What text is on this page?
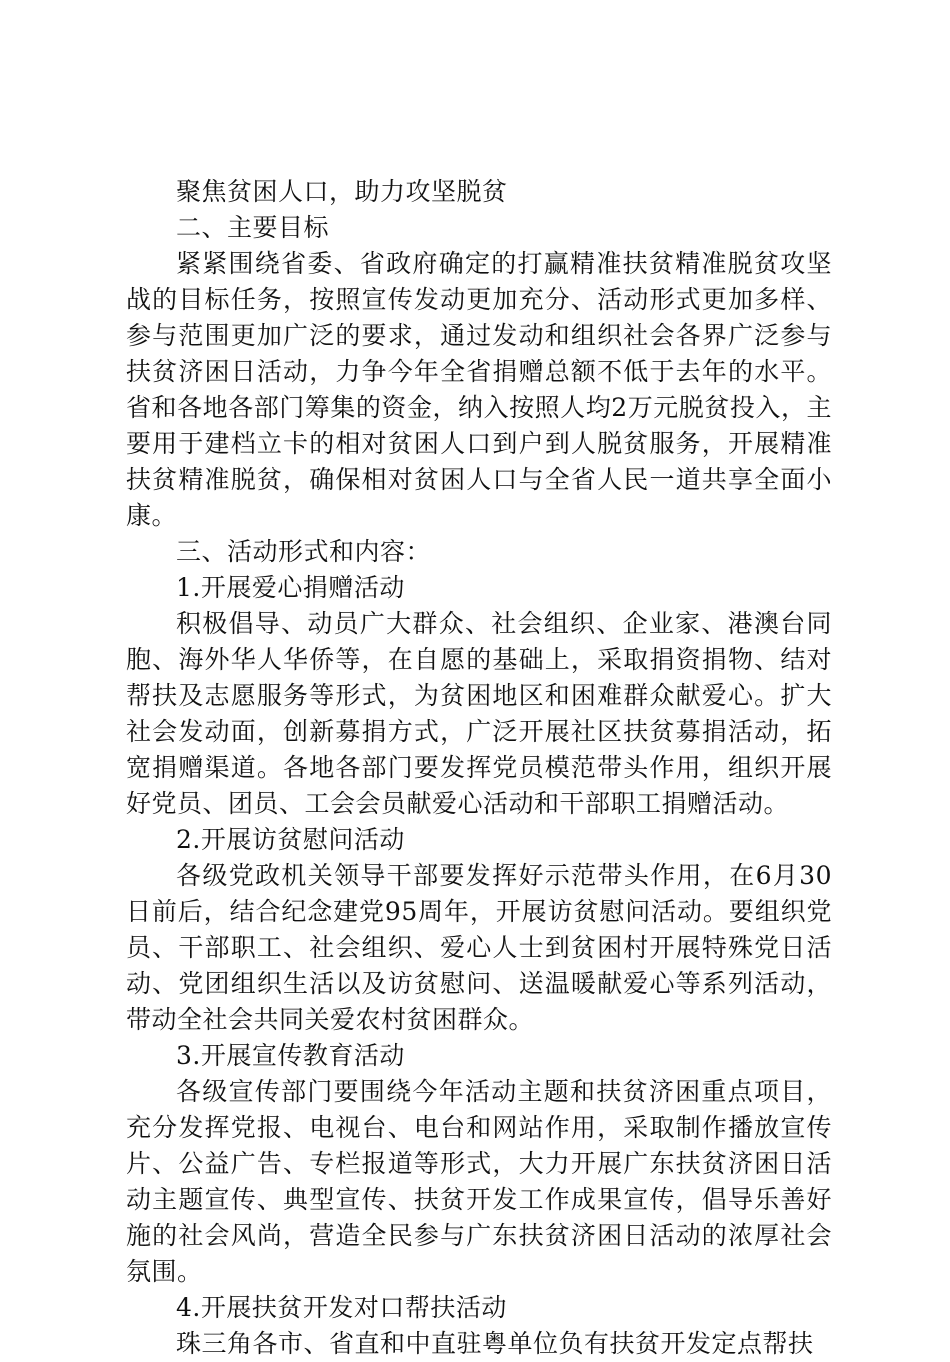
聚焦贫困人口，助力攻坚脱贫

二、主要目标

紧紧围绕省委、省政府确定的打赢精准扶贫精准脱贫攻坚战的目标任务，按照宣传发动更加充分、活动形式更加多样、参与范围更加广泛的要求，通过发动和组织社会各界广泛参与扶贫济困日活动，力争今年全省捐赠总额不低于去年的水平。省和各地各部门筹集的资金，纳入按照人均2万元脱贫投入，主要用于建档立卡的相对贫困人口到户到人脱贫服务，开展精准扶贫精准脱贫，确保相对贫困人口与全省人民一道共享全面小康。

三、活动形式和内容：

1.开展爱心捐赠活动

积极倡导、动员广大群众、社会组织、企业家、港澳台同胞、海外华人华侨等，在自愿的基础上，采取捐资捐物、结对帮扶及志愿服务等形式，为贫困地区和困难群众献爱心。扩大社会发动面，创新募捐方式，广泛开展社区扶贫募捐活动，拓宽捐赠渠道。各地各部门要发挥党员模范带头作用，组织开展好党员、团员、工会会员献爱心活动和干部职工捐赠活动。

2.开展访贫慰问活动

各级党政机关领导干部要发挥好示范带头作用，在6月30日前后，结合纪念建党95周年，开展访贫慰问活动。要组织党员、干部职工、社会组织、爱心人士到贫困村开展特殊党日活动、党团组织生活以及访贫慰问、送温暖献爱心等系列活动，带动全社会共同关爱农村贫困群众。

3.开展宣传教育活动

各级宣传部门要围绕今年活动主题和扶贫济困重点项目，充分发挥党报、电视台、电台和网站作用，采取制作播放宣传片、公益广告、专栏报道等形式，大力开展广东扶贫济困日活动主题宣传、典型宣传、扶贫开发工作成果宣传，倡导乐善好施的社会风尚，营造全民参与广东扶贫济困日活动的浓厚社会氛围。

4.开展扶贫开发对口帮扶活动

珠三角各市、省直和中直驻粤单位负有扶贫开发定点帮扶
